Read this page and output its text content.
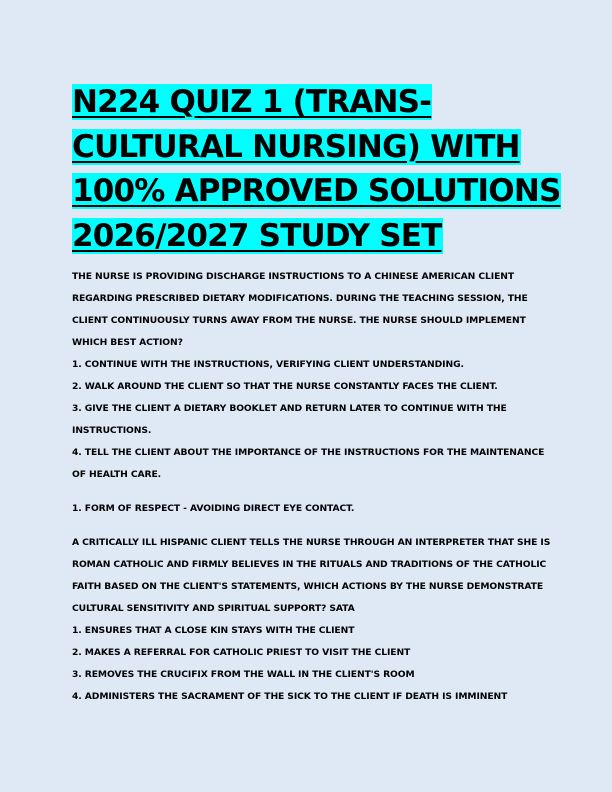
N224 QUIZ 1 (TRANS-
CULTURAL NURSING) WITH
100% APPROVED SOLUTIONS
2026/2027 STUDY SET
THE NURSE IS PROVIDING DISCHARGE INSTRUCTIONS TO A CHINESE AMERICAN CLIENT
REGARDING PRESCRIBED DIETARY MODIFICATIONS. DURING THE TEACHING SESSION, THE
CLIENT CONTINUOUSLY TURNS AWAY FROM THE NURSE. THE NURSE SHOULD IMPLEMENT
WHICH BEST ACTION?
1. CONTINUE WITH THE INSTRUCTIONS, VERIFYING CLIENT UNDERSTANDING.
2. WALK AROUND THE CLIENT SO THAT THE NURSE CONSTANTLY FACES THE CLIENT.
3. GIVE THE CLIENT A DIETARY BOOKLET AND RETURN LATER TO CONTINUE WITH THE
INSTRUCTIONS.
4. TELL THE CLIENT ABOUT THE IMPORTANCE OF THE INSTRUCTIONS FOR THE MAINTENANCE
OF HEALTH CARE.
1. FORM OF RESPECT - AVOIDING DIRECT EYE CONTACT.
A CRITICALLY ILL HISPANIC CLIENT TELLS THE NURSE THROUGH AN INTERPRETER THAT SHE IS
ROMAN CATHOLIC AND FIRMLY BELIEVES IN THE RITUALS AND TRADITIONS OF THE CATHOLIC
FAITH BASED ON THE CLIENT'S STATEMENTS, WHICH ACTIONS BY THE NURSE DEMONSTRATE
CULTURAL SENSITIVITY AND SPIRITUAL SUPPORT? SATA
1. ENSURES THAT A CLOSE KIN STAYS WITH THE CLIENT
2. MAKES A REFERRAL FOR CATHOLIC PRIEST TO VISIT THE CLIENT
3. REMOVES THE CRUCIFIX FROM THE WALL IN THE CLIENT'S ROOM
4. ADMINISTERS THE SACRAMENT OF THE SICK TO THE CLIENT IF DEATH IS IMMINENT
